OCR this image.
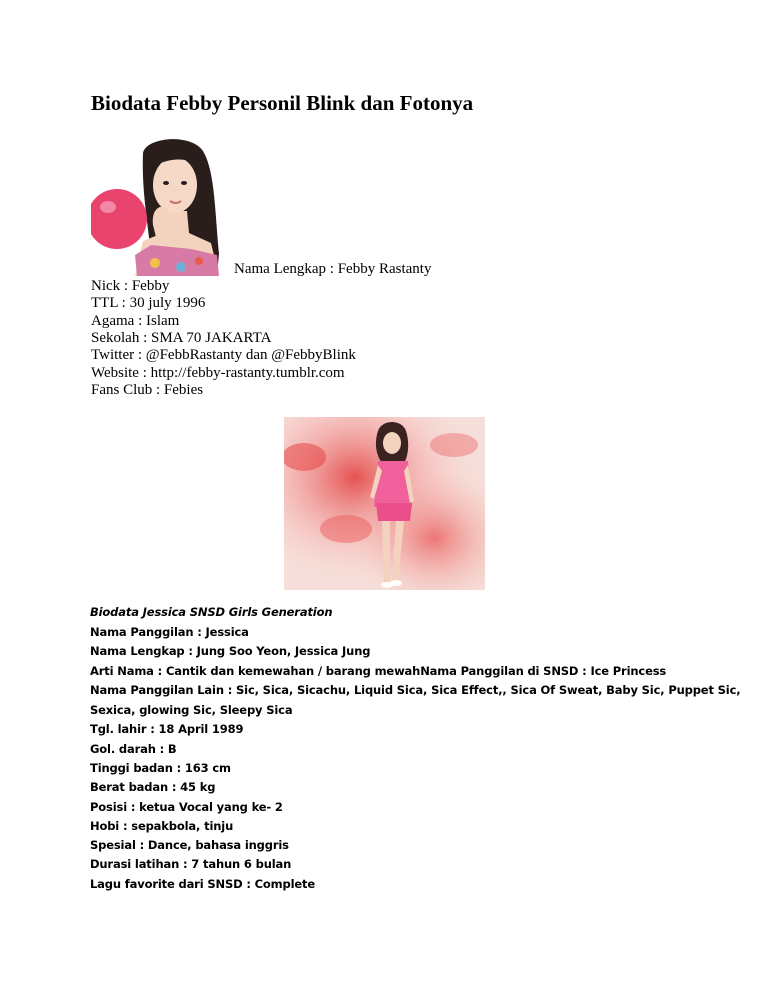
Biodata Febby Personil Blink dan Fotonya
Nama Lengkap : Febby Rastanty
Nick : Febby
TTL : 30 july 1996
Agama : Islam
Sekolah : SMA 70 JAKARTA
Twitter : @FebbRastanty dan @FebbyBlink
Website : http://febby-rastanty.tumblr.com
Fans Club : Febies
Biodata Jessica SNSD Girls Generation
Nama Panggilan : Jessica
Nama Lengkap : Jung Soo Yeon, Jessica Jung
Arti Nama : Cantik dan kemewahan / barang mewahNama Panggilan di SNSD : Ice Princess
Nama Panggilan Lain : Sic, Sica, Sicachu, Liquid Sica, Sica Effect,, Sica Of Sweat, Baby Sic, Puppet Sic,
Sexica, glowing Sic, Sleepy Sica
Tgl. lahir : 18 April 1989
Gol. darah : B
Tinggi badan : 163 cm
Berat badan : 45 kg
Posisi : ketua Vocal yang ke- 2
Hobi : sepakbola, tinju
Spesial : Dance, bahasa inggris
Durasi latihan : 7 tahun 6 bulan
Lagu favorite dari SNSD : Complete
